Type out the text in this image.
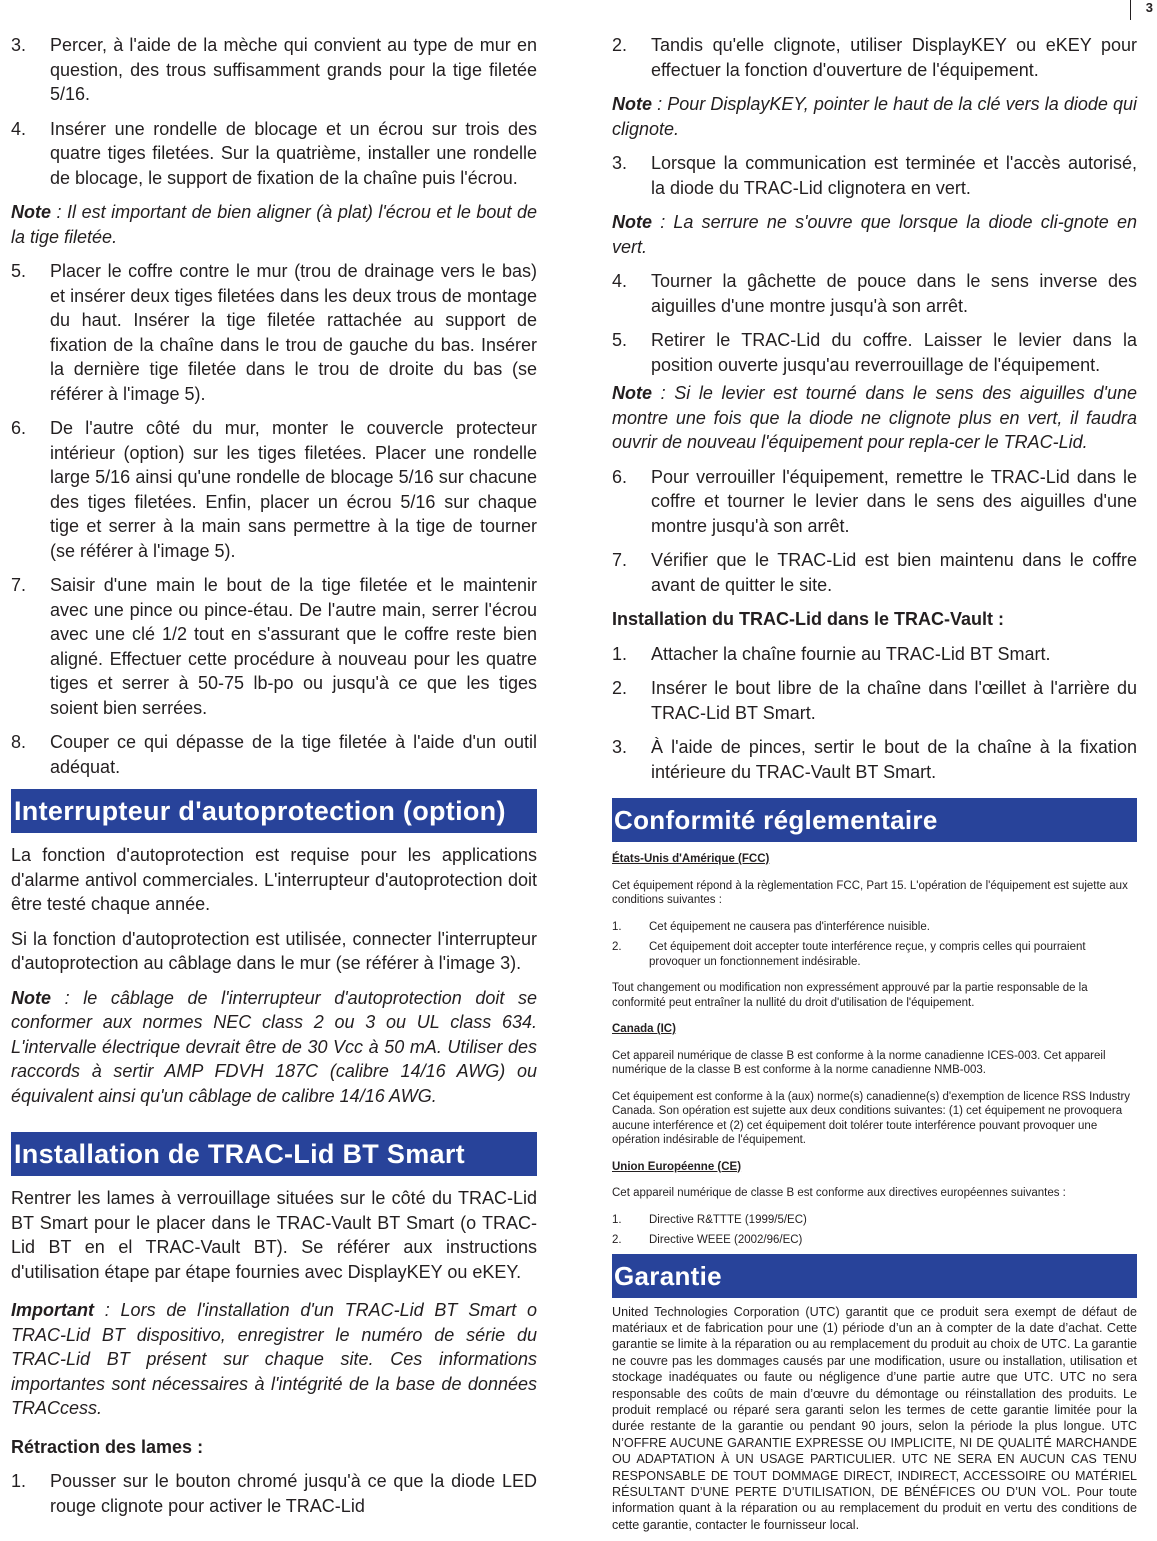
3
3. Percer, à l'aide de la mèche qui convient au type de mur en question, des trous suffisamment grands pour la tige filetée 5/16.
4. Insérer une rondelle de blocage et un écrou sur trois des quatre tiges filetées. Sur la quatrième, installer une rondelle de blocage, le support de fixation de la chaîne puis l'écrou.
Note : Il est important de bien aligner (à plat) l'écrou et le bout de la tige filetée.
5. Placer le coffre contre le mur (trou de drainage vers le bas) et insérer deux tiges filetées dans les deux trous de montage du haut. Insérer la tige filetée rattachée au support de fixation de la chaîne dans le trou de gauche du bas. Insérer la dernière tige filetée dans le trou de droite du bas (se référer à l'image 5).
6. De l'autre côté du mur, monter le couvercle protecteur intérieur (option) sur les tiges filetées. Placer une rondelle large 5/16 ainsi qu'une rondelle de blocage 5/16 sur chacune des tiges filetées. Enfin, placer un écrou 5/16 sur chaque tige et serrer à la main sans permettre à la tige de tourner (se référer à l'image 5).
7. Saisir d'une main le bout de la tige filetée et le maintenir avec une pince ou pince-étau. De l'autre main, serrer l'écrou avec une clé 1/2 tout en s'assurant que le coffre reste bien aligné. Effectuer cette procédure à nouveau pour les quatre tiges et serrer à 50-75 lb-po ou jusqu'à ce que les tiges soient bien serrées.
8. Couper ce qui dépasse de la tige filetée à l'aide d'un outil adéquat.
Interrupteur d'autoprotection (option)
La fonction d'autoprotection est requise pour les applications d'alarme antivol commerciales. L'interrupteur d'autoprotection doit être testé chaque année.
Si la fonction d'autoprotection est utilisée, connecter l'interrupteur d'autoprotection au câblage dans le mur (se référer à l'image 3).
Note : le câblage de l'interrupteur d'autoprotection doit se conformer aux normes NEC class 2 ou 3 ou UL class 634. L'intervalle électrique devrait être de 30 Vcc à 50 mA. Utiliser des raccords à sertir AMP FDVH 187C (calibre 14/16 AWG) ou équivalent ainsi qu'un câblage de calibre 14/16 AWG.
Installation de TRAC-Lid BT Smart
Rentrer les lames à verrouillage situées sur le côté du TRAC-Lid BT Smart pour le placer dans le TRAC-Vault BT Smart (o TRAC-Lid BT en el TRAC-Vault BT). Se référer aux instructions d'utilisation étape par étape fournies avec DisplayKEY ou eKEY.
Important : Lors de l'installation d'un TRAC-Lid BT Smart o TRAC-Lid BT dispositivo, enregistrer le numéro de série du TRAC-Lid BT présent sur chaque site. Ces informations importantes sont nécessaires à l'intégrité de la base de données TRACcess.
Rétraction des lames :
1. Pousser sur le bouton chromé jusqu'à ce que la diode LED rouge clignote pour activer le TRAC-Lid
2. Tandis qu'elle clignote, utiliser DisplayKEY ou eKEY pour effectuer la fonction d'ouverture de l'équipement.
Note : Pour DisplayKEY, pointer le haut de la clé vers la diode qui clignote.
3. Lorsque la communication est terminée et l'accès autorisé, la diode du TRAC-Lid clignotera en vert.
Note : La serrure ne s'ouvre que lorsque la diode cli-gnote en vert.
4. Tourner la gâchette de pouce dans le sens inverse des aiguilles d'une montre jusqu'à son arrêt.
5. Retirer le TRAC-Lid du coffre. Laisser le levier dans la position ouverte jusqu'au reverrouillage de l'équipement.
Note : Si le levier est tourné dans le sens des aiguilles d'une montre une fois que la diode ne clignote plus en vert, il faudra ouvrir de nouveau l'équipement pour repla-cer le TRAC-Lid.
6. Pour verrouiller l'équipement, remettre le TRAC-Lid dans le coffre et tourner le levier dans le sens des aiguilles d'une montre jusqu'à son arrêt.
7. Vérifier que le TRAC-Lid est bien maintenu dans le coffre avant de quitter le site.
Installation du TRAC-Lid dans le TRAC-Vault :
1. Attacher la chaîne fournie au TRAC-Lid BT Smart.
2. Insérer le bout libre de la chaîne dans l'œillet à l'arrière du TRAC-Lid BT Smart.
3. À l'aide de pinces, sertir le bout de la chaîne à la fixation intérieure du TRAC-Vault BT Smart.
Conformité réglementaire
États-Unis d'Amérique (FCC)

Cet équipement répond à la règlementation FCC, Part 15. L'opération de l'équipement est sujette aux conditions suivantes :

1. Cet équipement ne causera pas d'interférence nuisible.
2. Cet équipement doit accepter toute interférence reçue, y compris celles qui pourraient provoquer un fonctionnement indésirable.

Tout changement ou modification non expressément approuvé par la partie responsable de la conformité peut entraîner la nullité du droit d'utilisation de l'équipement.

Canada (IC)

Cet appareil numérique de classe B est conforme à la norme canadienne ICES-003. Cet appareil numérique de la classe B est conforme à la norme canadienne NMB-003.

Cet équipement est conforme à la (aux) norme(s) canadienne(s) d'exemption de licence RSS Industry Canada. Son opération est sujette aux deux conditions suivantes: (1) cet équipement ne provoquera aucune interférence et (2) cet équipement doit tolérer toute interférence pouvant provoquer une opération indésirable de l'équipement.

Union Européenne (CE)

Cet appareil numérique de classe B est conforme aux directives européennes suivantes :

1. Directive R&TTTE (1999/5/EC)
2. Directive WEEE (2002/96/EC)
Garantie
United Technologies Corporation (UTC) garantit que ce produit sera exempt de défaut de matériaux et de fabrication pour une (1) période d’un an à compter de la date d’achat. Cette garantie se limite à la réparation ou au remplacement du produit au choix de UTC. La garantie ne couvre pas les dommages causés par une modification, usure ou installation, utilisation et stockage inadéquates ou faute ou négligence d’une partie autre que UTC. UTC no sera responsable des coûts de main d’œuvre du démontage ou réinstallation des produits. Le produit remplacé ou réparé sera garanti selon les termes de cette garantie limitée pour la durée restante de la garantie ou pendant 90 jours, selon la période la plus longue. UTC N’OFFRE AUCUNE GARANTIE EXPRESSE OU IMPLICITE, NI DE QUALITÉ MARCHANDE OU ADAPTATION À UN USAGE PARTICULIER. UTC NE SERA EN AUCUN CAS TENU RESPONSABLE DE TOUT DOMMAGE DIRECT, INDIRECT, ACCESSOIRE OU MATÉRIEL RÉSULTANT D’UNE PERTE D’UTILISATION, DE BÉNÉFICES OU D’UN VOL. Pour toute information quant à la réparation ou au remplacement du produit en vertu des conditions de cette garantie, contacter le fournisseur local.
